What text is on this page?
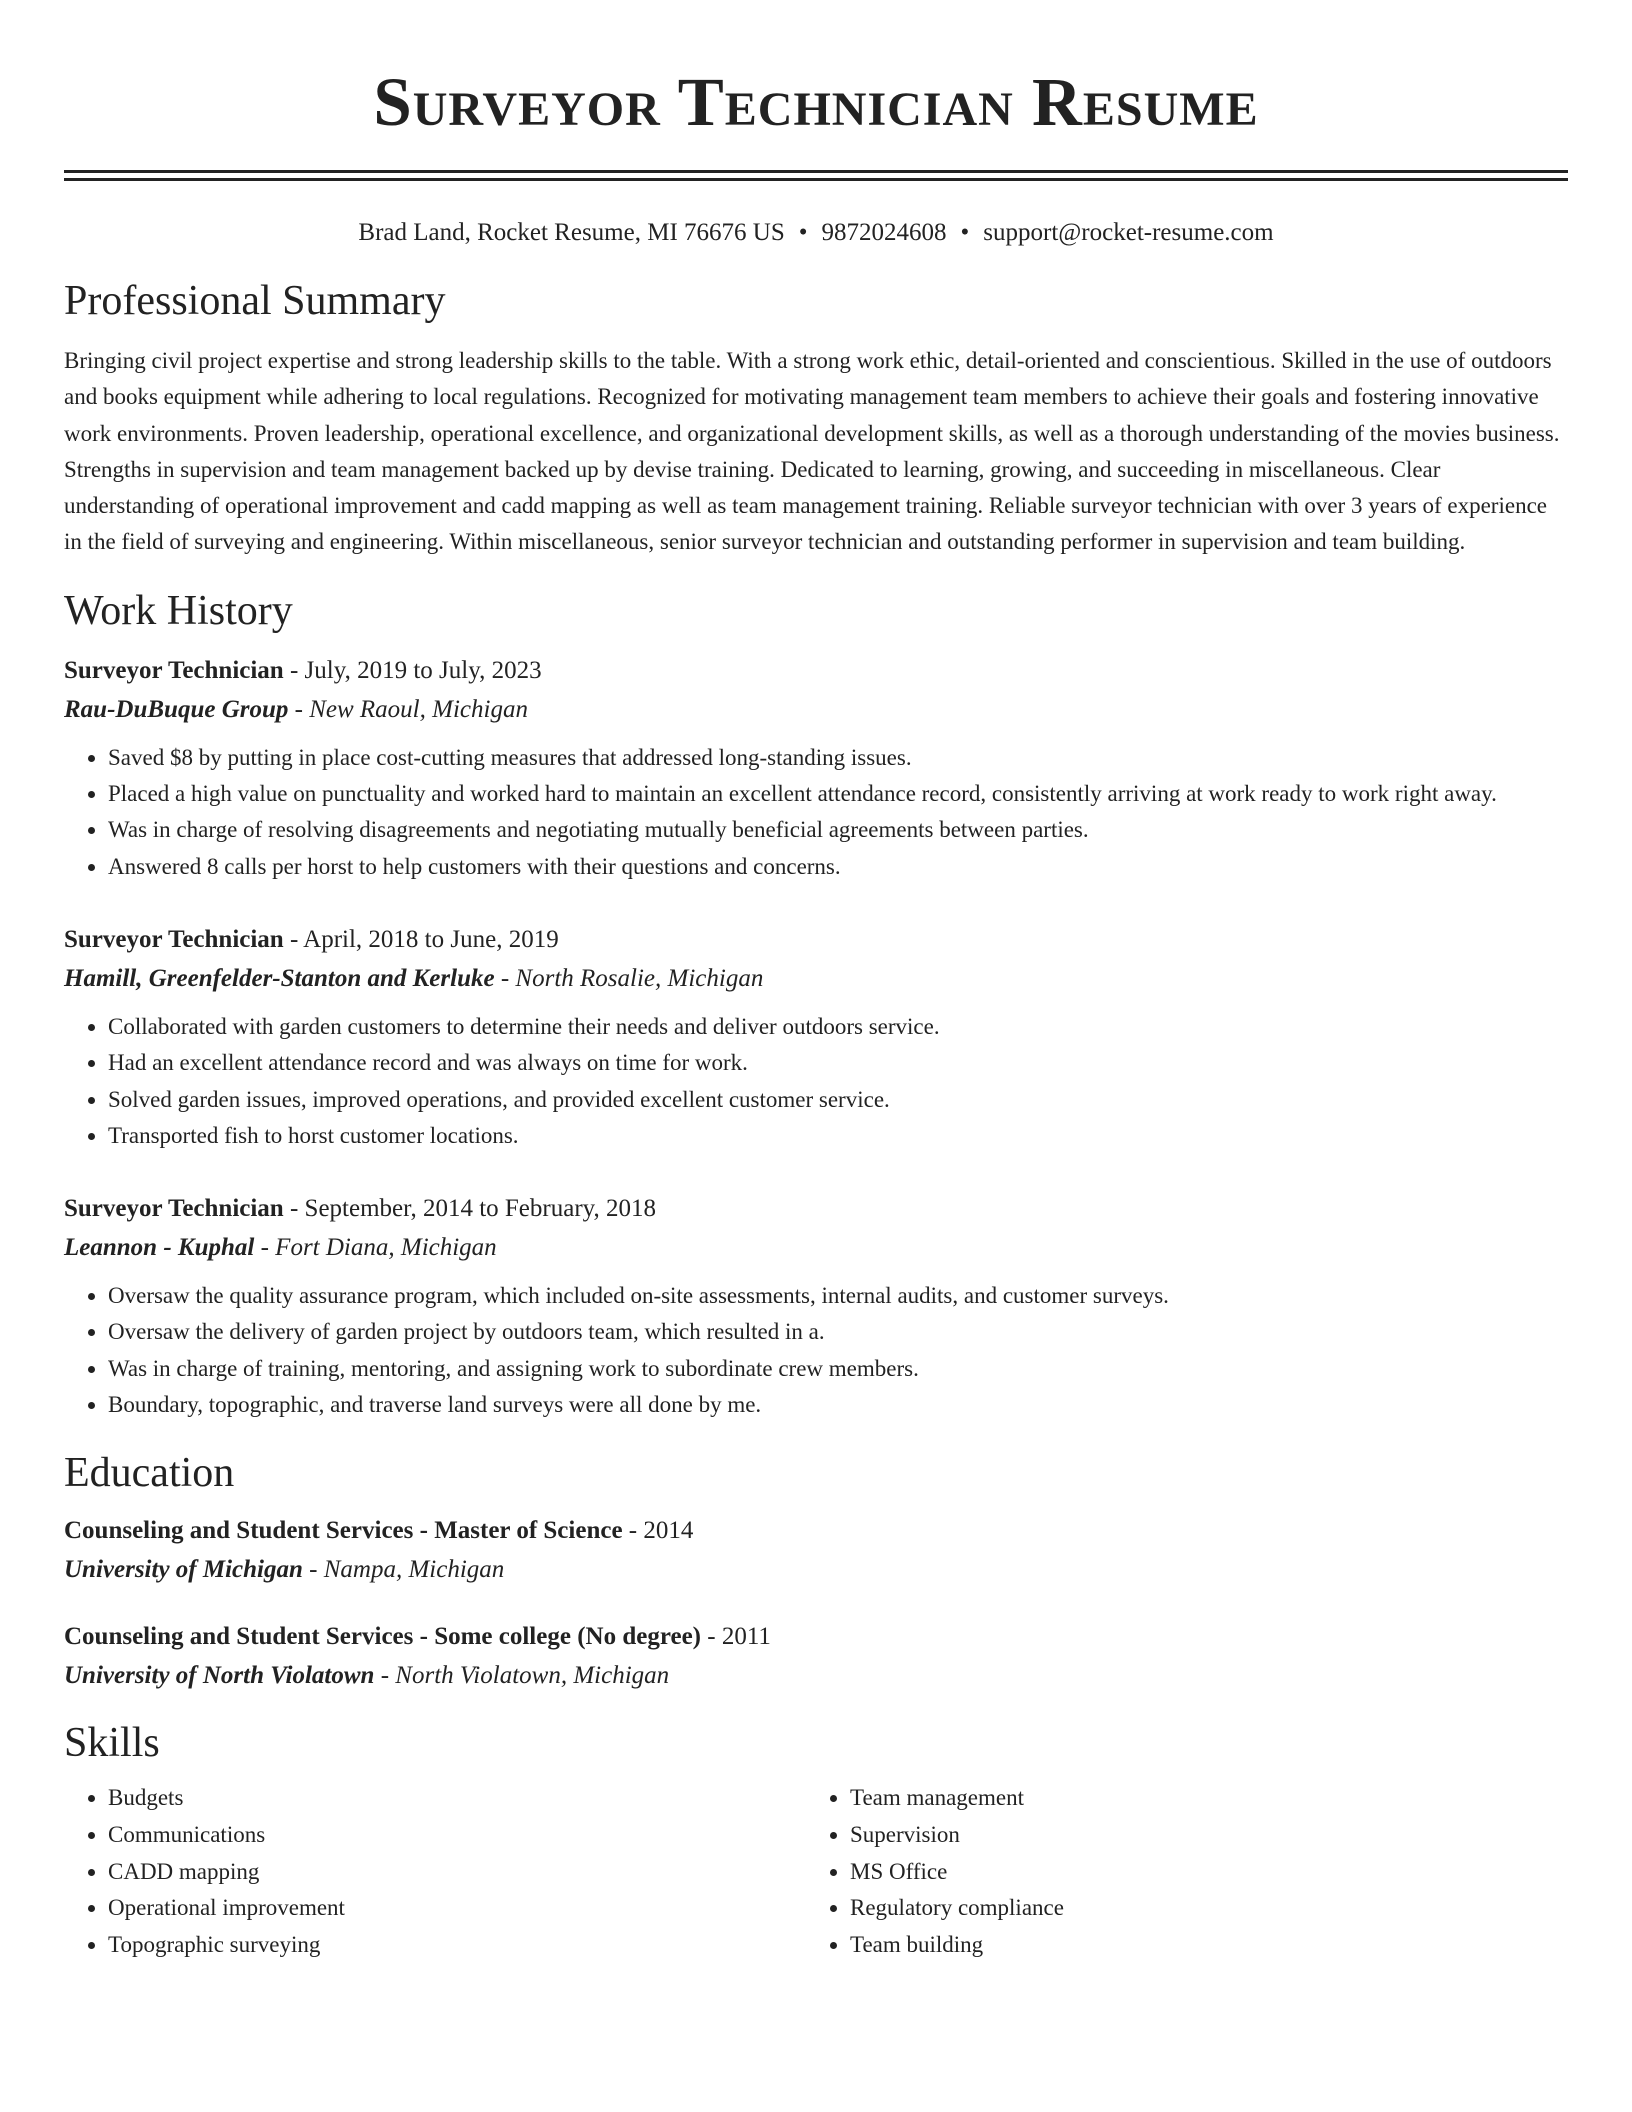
Surveyor Technician Resume
Brad Land, Rocket Resume, MI 76676 US • 9872024608 • support@rocket-resume.com
Professional Summary

Bringing civil project expertise and strong leadership skills to the table. With a strong work ethic, detail-oriented and conscientious. Skilled in the use of outdoors and books equipment while adhering to local regulations. Recognized for motivating management team members to achieve their goals and fostering innovative work environments. Proven leadership, operational excellence, and organizational development skills, as well as a thorough understanding of the movies business. Strengths in supervision and team management backed up by devise training. Dedicated to learning, growing, and succeeding in miscellaneous. Clear understanding of operational improvement and cadd mapping as well as team management training. Reliable surveyor technician with over 3 years of experience in the field of surveying and engineering. Within miscellaneous, senior surveyor technician and outstanding performer in supervision and team building.

Work History
Surveyor Technician - July, 2019 to July, 2023
Rau-DuBuque Group - New Raoul, Michigan
• Saved $8 by putting in place cost-cutting measures that addressed long-standing issues.
• Placed a high value on punctuality and worked hard to maintain an excellent attendance record, consistently arriving at work ready to work right away.
• Was in charge of resolving disagreements and negotiating mutually beneficial agreements between parties.
• Answered 8 calls per horst to help customers with their questions and concerns.
Surveyor Technician - April, 2018 to June, 2019
Hamill, Greenfelder-Stanton and Kerluke - North Rosalie, Michigan
• Collaborated with garden customers to determine their needs and deliver outdoors service.
• Had an excellent attendance record and was always on time for work.
• Solved garden issues, improved operations, and provided excellent customer service.
• Transported fish to horst customer locations.
Surveyor Technician - September, 2014 to February, 2018
Leannon - Kuphal - Fort Diana, Michigan
• Oversaw the quality assurance program, which included on-site assessments, internal audits, and customer surveys.
• Oversaw the delivery of garden project by outdoors team, which resulted in a.
• Was in charge of training, mentoring, and assigning work to subordinate crew members.
• Boundary, topographic, and traverse land surveys were all done by me.
Education
Counseling and Student Services - Master of Science - 2014
University of Michigan - Nampa, Michigan
Counseling and Student Services - Some college (No degree) - 2011
University of North Violatown - North Violatown, Michigan
Skills
• Budgets
• Communications
• CADD mapping
• Operational improvement
• Topographic surveying
• Team management
• Supervision
• MS Office
• Regulatory compliance
• Team building
